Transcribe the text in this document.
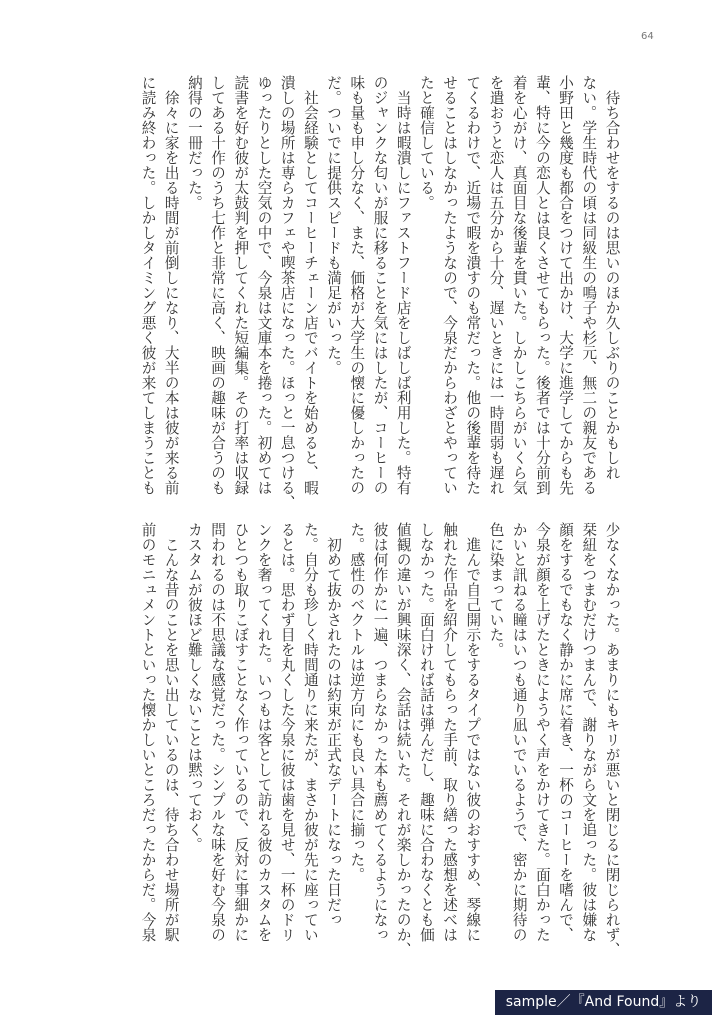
64
　待ち合わせをするのは思いのほか久しぶりのことかもしれ
ない。学生時代の頃は同級生の鳴子や杉元、無二の親友である
小野田と幾度も都合をつけて出かけ、大学に進学してからも先
輩、特に今の恋人とは良くさせてもらった。後者では十分前到
着を心がけ、真面目な後輩を貫いた。しかしこちらがいくら気
を遣おうと恋人は五分から十分、遅いときには一時間弱も遅れ
てくるわけで、近場で暇を潰すのも常だった。他の後輩を待た
せることはしなかったようなので、今泉だからわざとやってい
たと確信している。
　当時は暇潰しにファストフード店をしばしば利用した。特有
のジャンクな匂いが服に移ることを気にはしたが、コーヒーの
味も量も申し分なく、また、価格が大学生の懐に優しかったの
だ。ついでに提供スピードも満足がいった。
　社会経験としてコーヒーチェーン店でバイトを始めると、暇
潰しの場所は専らカフェや喫茶店になった。ほっと一息つける、
ゆったりとした空気の中で、今泉は文庫本を捲った。初めては
読書を好む彼が太鼓判を押してくれた短編集。その打率は収録
してある十作のうち七作と非常に高く、映画の趣味が合うのも
納得の一冊だった。
　徐々に家を出る時間が前倒しになり、大半の本は彼が来る前
に読み終わった。しかしタイミング悪く彼が来てしまうことも
少なくなかった。あまりにもキリが悪いと閉じるに閉じられず、
栞紐をつまむだけつまんで、謝りながら文を追った。彼は嫌な
顔をするでもなく静かに席に着き、一杯のコーヒーを嗜んで、
今泉が顔を上げたときにようやく声をかけてきた。面白かった
かいと訊ねる瞳はいつも通り凪いでいるようで、密かに期待の
色に染まっていた。
　進んで自己開示をするタイプではない彼のおすすめ、琴線に
触れた作品を紹介してもらった手前、取り繕った感想を述べは
しなかった。面白ければ話は弾んだし、趣味に合わなくとも価
値観の違いが興味深く、会話は続いた。それが楽しかったのか、
彼は何作かに一遍、つまらなかった本も薦めてくるようになっ
た。感性のベクトルは逆方向にも良い具合に揃った。
　初めて抜かされたのは約束が正式なデートになった日だっ
た。自分も珍しく時間通りに来たが、まさか彼が先に座ってい
るとは。思わず目を丸くした今泉に彼は歯を見せ、一杯のドリ
ンクを奢ってくれた。いつもは客として訪れる彼のカスタムを
ひとつも取りこぼすことなく作っているので、反対に事細かに
問われるのは不思議な感覚だった。シンプルな味を好む今泉の
カスタムが彼ほど難しくないことは黙っておく。
　こんな昔のことを思い出しているのは、待ち合わせ場所が駅
前のモニュメントといった懐かしいところだったからだ。今泉
sample／『And Found』より
